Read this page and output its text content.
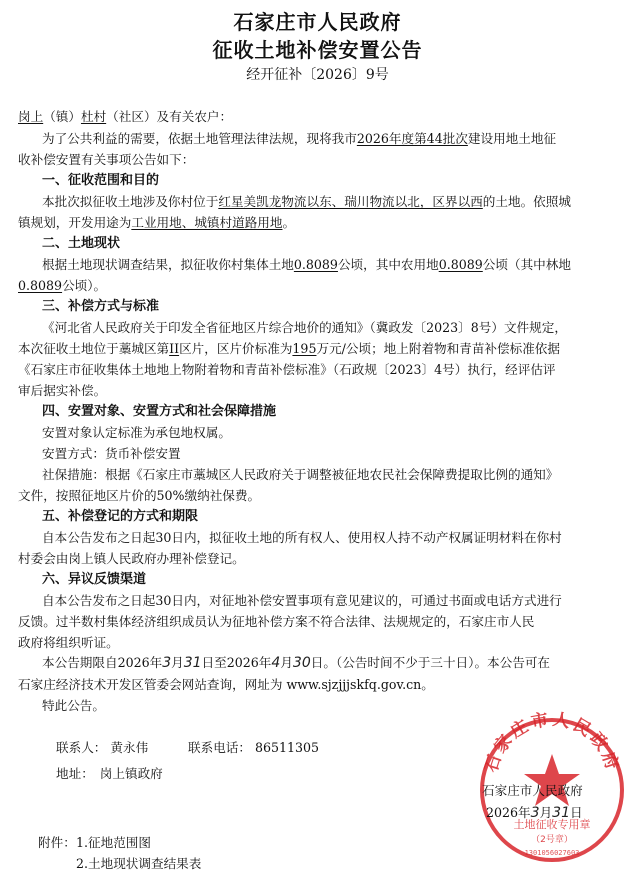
石家庄市人民政府
征收土地补偿安置公告
经开征补〔2026〕9号
岗上（镇）杜村（社区）及有关农户：
为了公共利益的需要，依据土地管理法律法规，现将我市2026年度第44批次建设用地土地征
收补偿安置有关事项公告如下：
一、征收范围和目的
本批次拟征收土地涉及你村位于红星美凯龙物流以东、瑞川物流以北，区界以西的土地。依照城
镇规划，开发用途为工业用地、城镇村道路用地。
二、土地现状
根据土地现状调查结果，拟征收你村集体土地0.8089公顷，其中农用地0.8089公顷（其中林地
0.8089公顷）。
三、补偿方式与标准
《河北省人民政府关于印发全省征地区片综合地价的通知》（冀政发〔2023〕8号）文件规定，
本次征收土地位于藁城区第II区片，区片价标准为195万元/公顷；地上附着物和青苗补偿标准依据
《石家庄市征收集体土地地上物附着物和青苗补偿标准》（石政规〔2023〕4号）执行，经评估评
审后据实补偿。
四、安置对象、安置方式和社会保障措施
安置对象认定标准为承包地权属。
安置方式：货币补偿安置
社保措施：根据《石家庄市藁城区人民政府关于调整被征地农民社会保障费提取比例的通知》
文件，按照征地区片价的50%缴纳社保费。
五、补偿登记的方式和期限
自本公告发布之日起30日内，拟征收土地的所有权人、使用权人持不动产权属证明材料在你村
村委会由岗上镇人民政府办理补偿登记。
六、异议反馈渠道
自本公告发布之日起30日内，对征地补偿安置事项有意见建议的，可通过书面或电话方式进行
反馈。过半数村集体经济组织成员认为征地补偿方案不符合法律、法规规定的，石家庄市人民
政府将组织听证。
本公告期限自2026年3月31日至2026年4月30日。（公告时间不少于三十日）。本公告可在
石家庄经济技术开发区管委会网站查询，网址为 www.sjzjjjskfq.gov.cn。
特此公告。
联系人： 黄永伟	联系电话： 86511305
地址： 岗上镇政府	石家庄市人民政府
土地征收专用章
（2号章）
1301056027603
石家庄市人民政府
2026年3月31日
附件： 1.征地范围图
2.土地现状调查结果表
